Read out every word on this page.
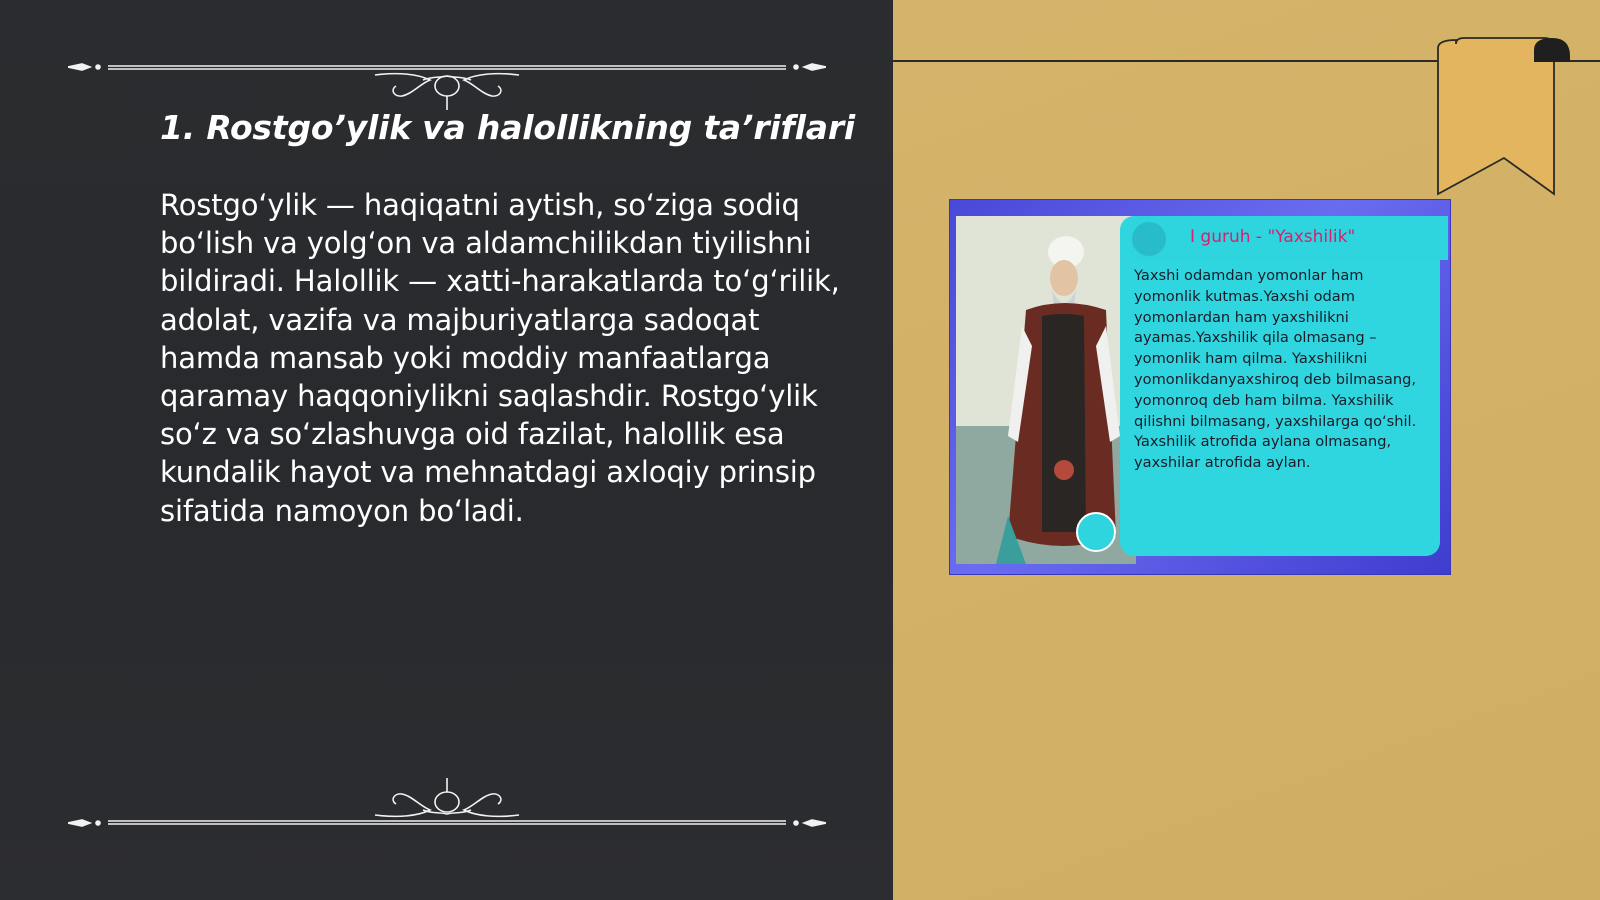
1. Rostgo’ylik va halollikning ta’riflari

Rostgo‘ylik — haqiqatni aytish, so‘ziga sodiq bo‘lish va yolg‘on va aldamchilikdan tiyilishni bildiradi. Halollik — xatti-harakatlarda to‘g‘rilik, adolat, vazifa va majburiyatlarga sadoqat hamda mansab yoki moddiy manfaatlarga qaramay haqqoniylikni saqlashdir. Rostgo‘ylik so‘z va so‘zlashuvga oid fazilat, halollik esa kundalik hayot va mehnatdagi axloqiy prinsip sifatida namoyon bo‘ladi.

I guruh - "Yaxshilik"

Yaxshi odamdan yomonlar ham yomonlik kutmas.Yaxshi odam yomonlardan ham yaxshilikni ayamas.Yaxshilik qila olmasang – yomonlik ham qilma. Yaxshilikni yomonlikdanyaxshiroq deb bilmasang, yomonroq deb ham bilma. Yaxshilik qilishni bilmasang, yaxshilarga qo‘shil. Yaxshilik atrofida aylana olmasang, yaxshilar atrofida aylan.
